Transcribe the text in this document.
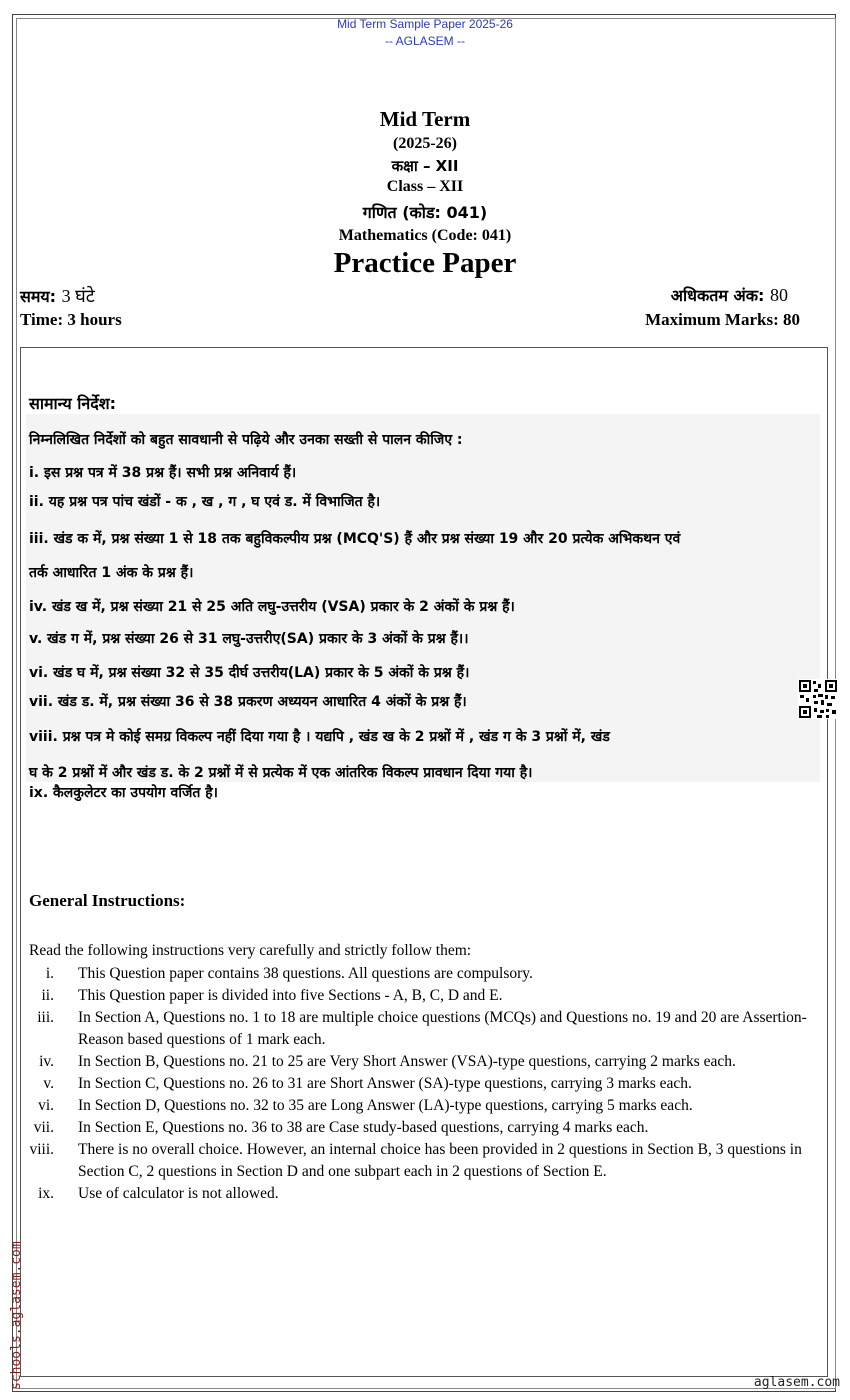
Mid Term Sample Paper 2025-26
-- AGLASEM --
Mid Term
(2025-26)
कक्षा – XII
Class – XII
गणित (कोड: 041)
Mathematics (Code: 041)
Practice Paper
समय: 3 घंटे	अधिकतम अंक: 80
Time: 3 hours	Maximum Marks: 80
सामान्य निर्देश:
निम्नलिखित निर्देशों को बहुत सावधानी से पढ़िये और उनका सख्ती से पालन कीजिए :
i. इस प्रश्न पत्र में 38 प्रश्न हैं। सभी प्रश्न अनिवार्य हैं।
ii. यह प्रश्न पत्र पांच खंडों - क , ख , ग , घ एवं ड. में विभाजित है।
iii. खंड क में, प्रश्न संख्या 1 से 18 तक बहुविकल्पीय प्रश्न (MCQ'S) हैं और प्रश्न संख्या 19 और 20 प्रत्येक अभिकथन एवं
तर्क आधारित 1 अंक के प्रश्न हैं।
iv. खंड ख में, प्रश्न संख्या 21 से 25 अति लघु-उत्तरीय (VSA) प्रकार के 2 अंकों के प्रश्न हैं।
v. खंड ग में, प्रश्न संख्या 26 से 31 लघु-उत्तरीए(SA) प्रकार के 3 अंकों के प्रश्न हैं।।
vi. खंड घ में, प्रश्न संख्या 32 से 35 दीर्घ उत्तरीय(LA) प्रकार के 5 अंकों के प्रश्न हैं।
vii. खंड ड. में, प्रश्न संख्या 36 से 38 प्रकरण अध्ययन आधारित 4 अंकों के प्रश्न हैं।
viii. प्रश्न पत्र मे कोई समग्र विकल्प नहीं दिया गया है । यद्यपि , खंड ख के 2 प्रश्नों में , खंड ग के 3 प्रश्नों में, खंड
घ के 2 प्रश्नों में और खंड ड. के 2 प्रश्नों में से प्रत्येक में एक आंतरिक विकल्प प्रावधान दिया गया है।
ix. कैलकुलेटर का उपयोग वर्जित है।
General Instructions:
Read the following instructions very carefully and strictly follow them:
i. This Question paper contains 38 questions. All questions are compulsory.
ii. This Question paper is divided into five Sections - A, B, C, D and E.
iii. In Section A, Questions no. 1 to 18 are multiple choice questions (MCQs) and Questions no. 19 and 20 are Assertion-Reason based questions of 1 mark each.
iv. In Section B, Questions no. 21 to 25 are Very Short Answer (VSA)-type questions, carrying 2 marks each.
v. In Section C, Questions no. 26 to 31 are Short Answer (SA)-type questions, carrying 3 marks each.
vi. In Section D, Questions no. 32 to 35 are Long Answer (LA)-type questions, carrying 5 marks each.
vii. In Section E, Questions no. 36 to 38 are Case study-based questions, carrying 4 marks each.
viii. There is no overall choice. However, an internal choice has been provided in 2 questions in Section B, 3 questions in Section C, 2 questions in Section D and one subpart each in 2 questions of Section E.
ix. Use of calculator is not allowed.
schools.aglasem.com	aglasem.com
